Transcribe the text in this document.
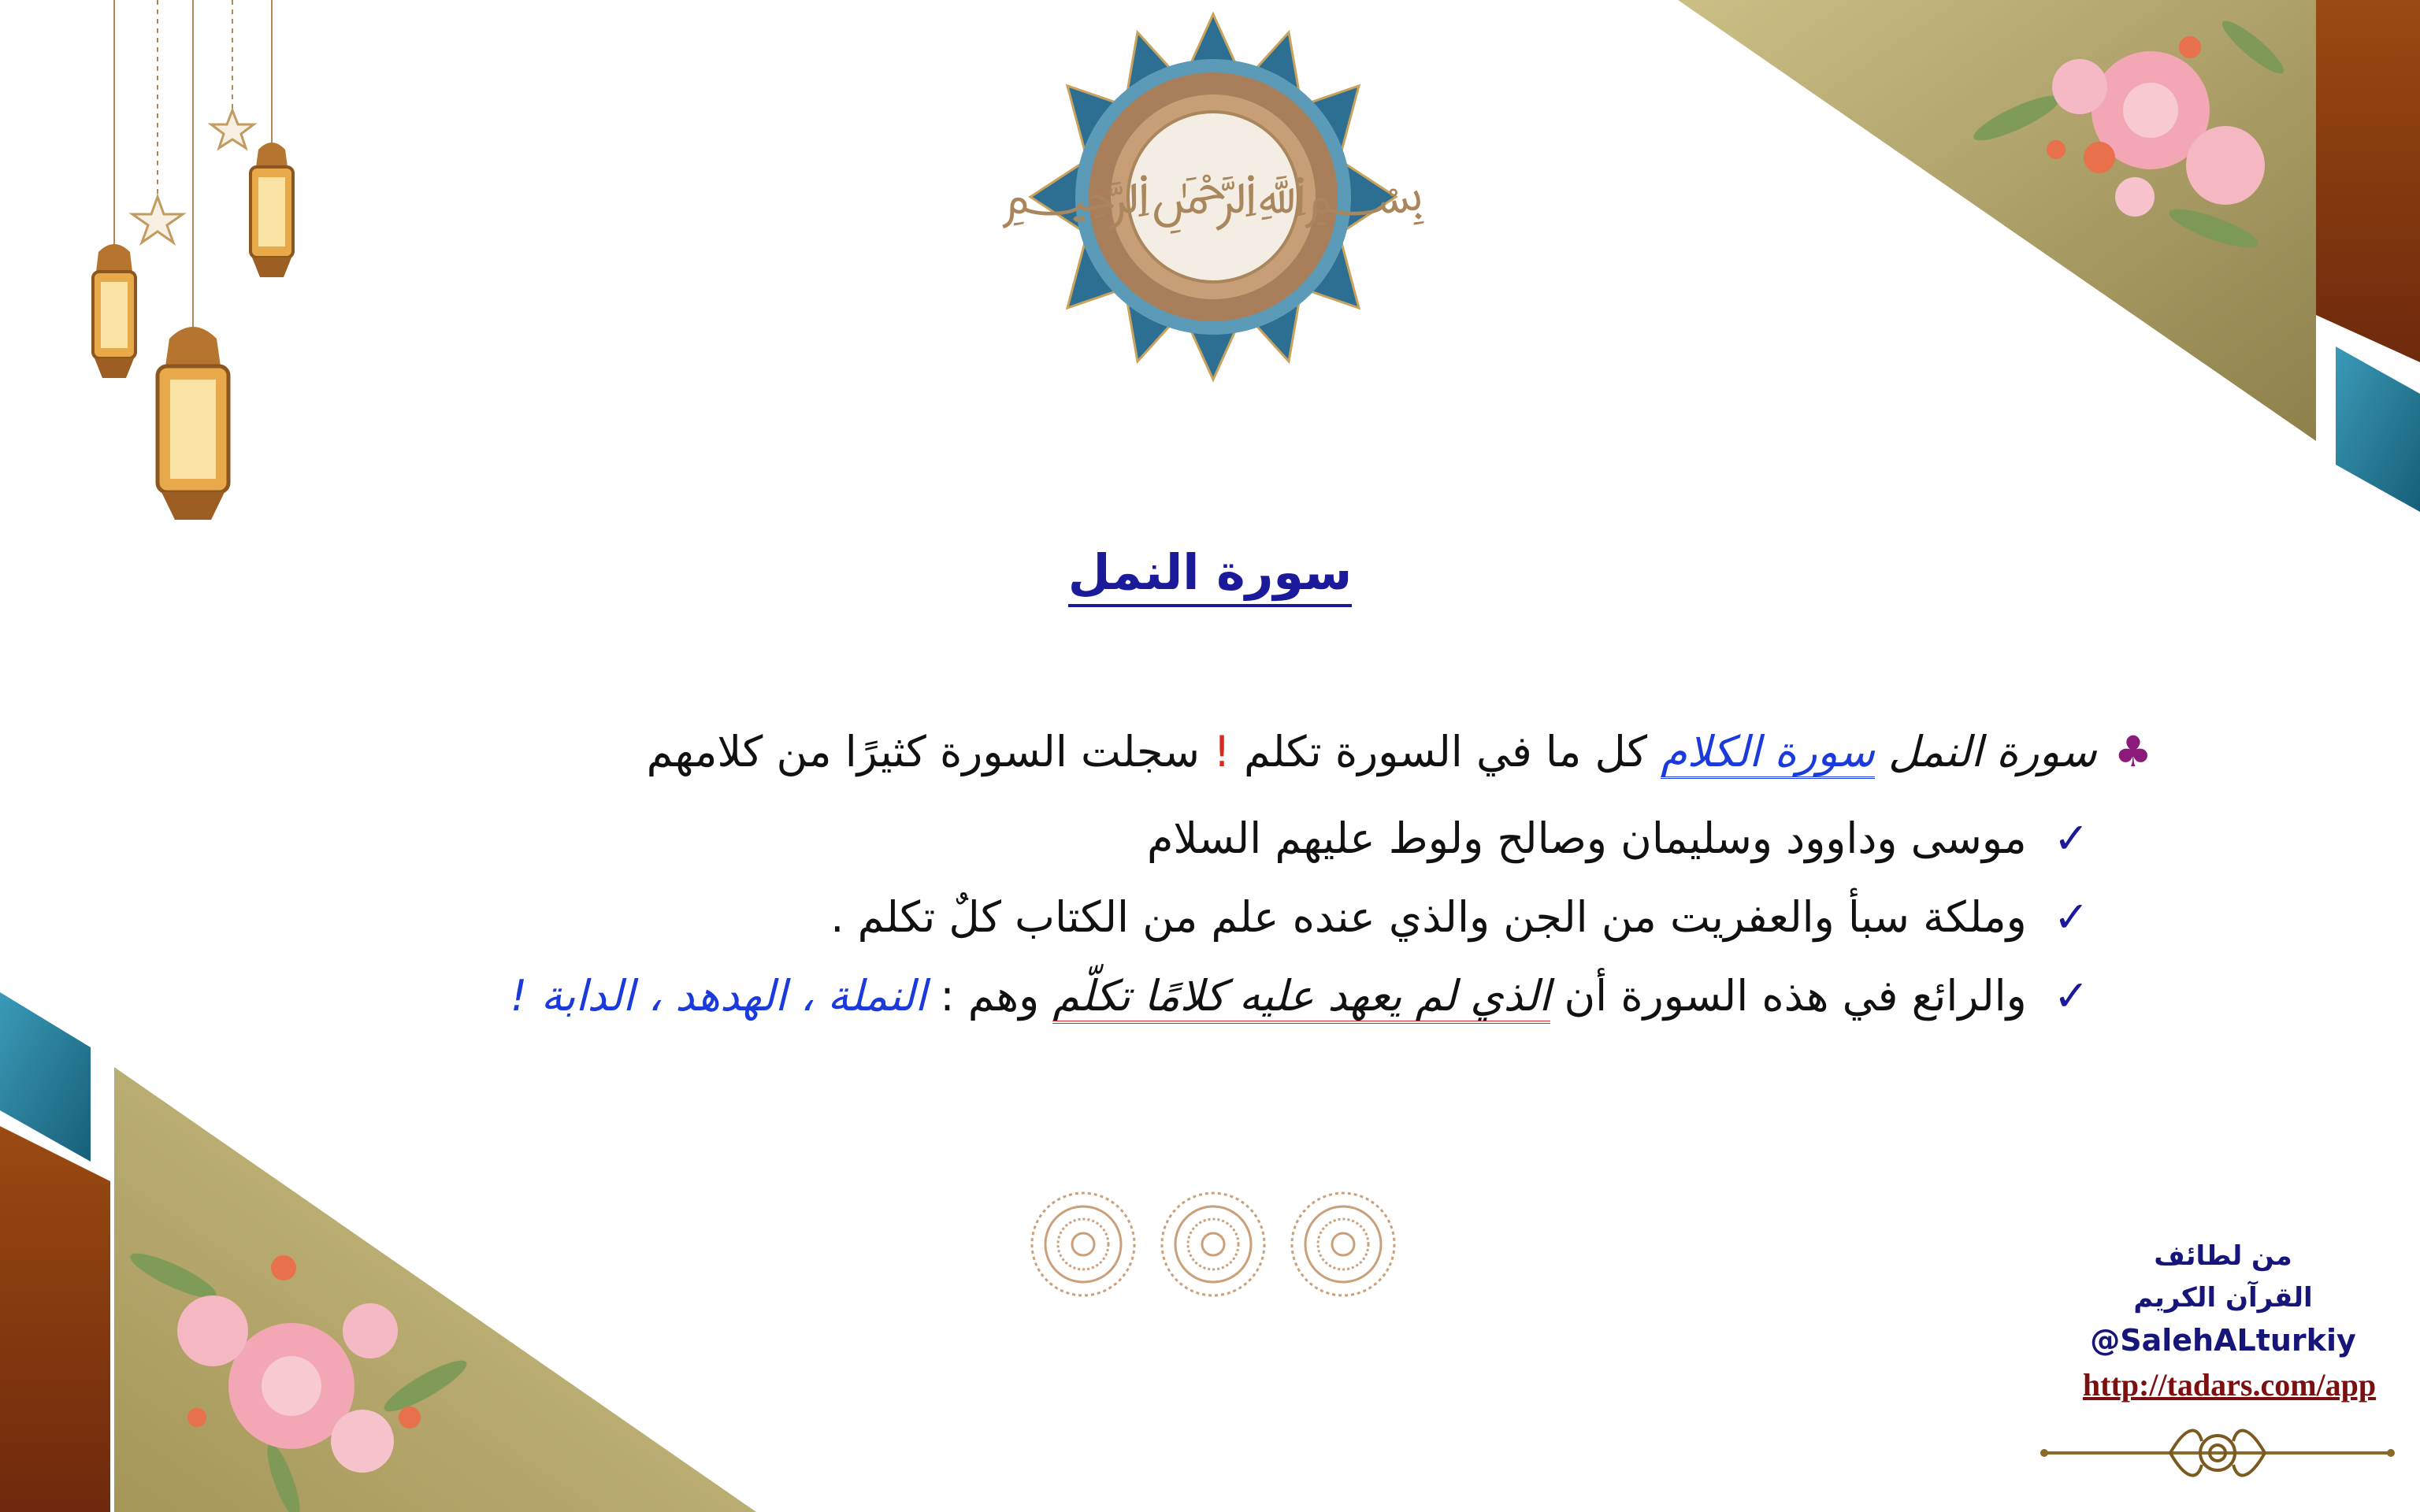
﷽
سورة النمل
♣سورة النمل سورة الكلام كل ما في السورة تكلم ! سجلت السورة كثيرًا من كلامهم
✓موسى وداوود وسليمان وصالح ولوط عليهم السلام
✓وملكة سبأ والعفريت من الجن والذي عنده علم من الكتاب كلٌ تكلم .
✓والرائع في هذه السورة أن الذي لم يعهد عليه كلامًا تكلّم وهم : النملة ، الهدهد ، الدابة !
من لطائف
القرآن الكريم
@SalehALturkiy
http://tadars.com/app
